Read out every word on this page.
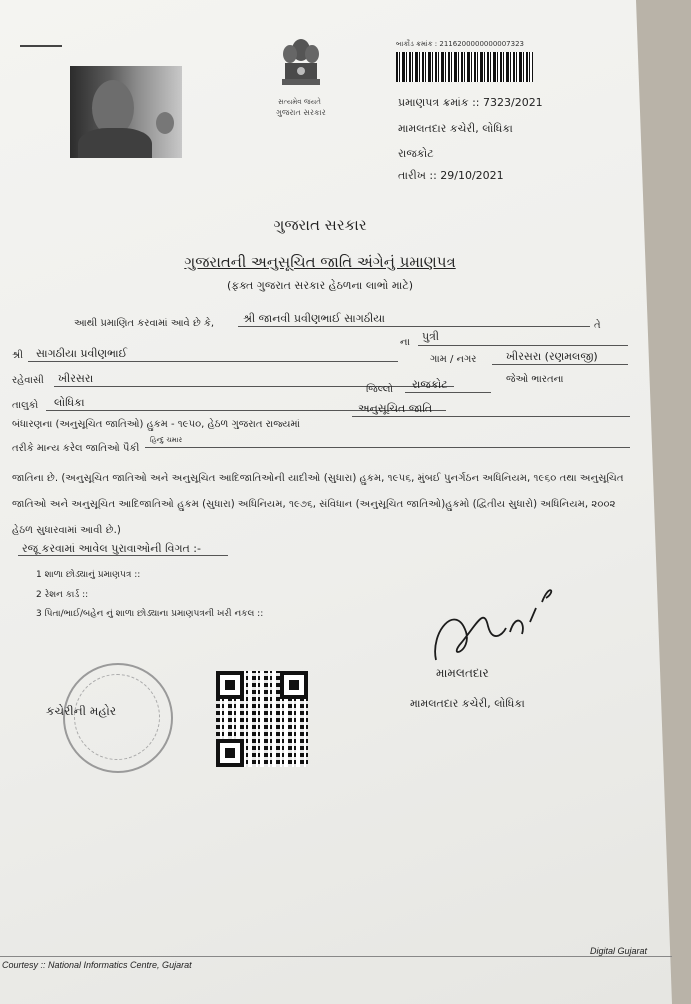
સત્યમેવ જયતે
ગુજરાત સરકાર
બાર્કોડ ક્રમાંક : 2116200000000007323
પ્રમાણપત્ર ક્રમાંક :: 7323/2021
મામલતદાર કચેરી, લોધિકા
રાજકોટ
તારીખ :: 29/10/2021
ગુજરાત સરકાર
ગુજરાતની અનુસૂચિત જાતિ અંગેનું પ્રમાણપત્ર
(ફક્ત ગુજરાત સરકાર હેઠળના લાભો માટે)
આથી પ્રમાણિત કરવામાં આવે છે કે,	શ્રી જાનવી પ્રવીણભાઈ સાગઠીયા
તે
શ્રી સાગઠીયા પ્રવીણભાઈ
ના પુત્રી
ગામ / નગર	ખીરસરા (રણમલજી)
રહેવાસી ખીરસરા
જિલ્લો રાજકોટ	જેઓ ભારતના
તાલુકો લોધિકા
બંધારણના (અનુસૂચિત જાતિઓ) હુકમ - ૧૯૫૦, હેઠળ ગુજરાત રાજ્યમાં
અનુસૂચિત જાતિ
તરીકે માન્ય કરેલ જાતિઓ પૈકી
હિન્દુ ચમાર
જાતિના છે. (અનુસૂચિત જાતિઓ અને અનુસૂચિત આદિજાતિઓની યાદીઓ (સુધારા) હુકમ, ૧૯૫૬, મુંબઈ પુનર્ગઠન અધિનિયમ, ૧૯૬૦ તથા અનુસૂચિત જાતિઓ અને અનુસૂચિત આદિજાતિઓ હુકમ (સુધારા) અધિનિયમ, ૧૯૭૬, સંવિધાન (અનુસૂચિત જાતિઓ)હુકમો (દ્વિતીય સુધારો) અધિનિયમ, ૨૦૦૨ હેઠળ સુધારવામાં આવી છે.)
રજૂ કરવામાં આવેલ પુરાવાઓની વિગત :-
1 શાળા છોડ્યાનું પ્રમાણપત્ર ::
2 રેશન કાર્ડ ::
3 પિતા/ભાઈ/બહેન નું શાળા છોડ્યાના પ્રમાણપત્રની ખરી નકલ ::
કચેરીની મહોર
મામલતદાર
મામલતદાર કચેરી, લોધિકા
Courtesy :: National Informatics Centre, Gujarat
Digital Gujarat
